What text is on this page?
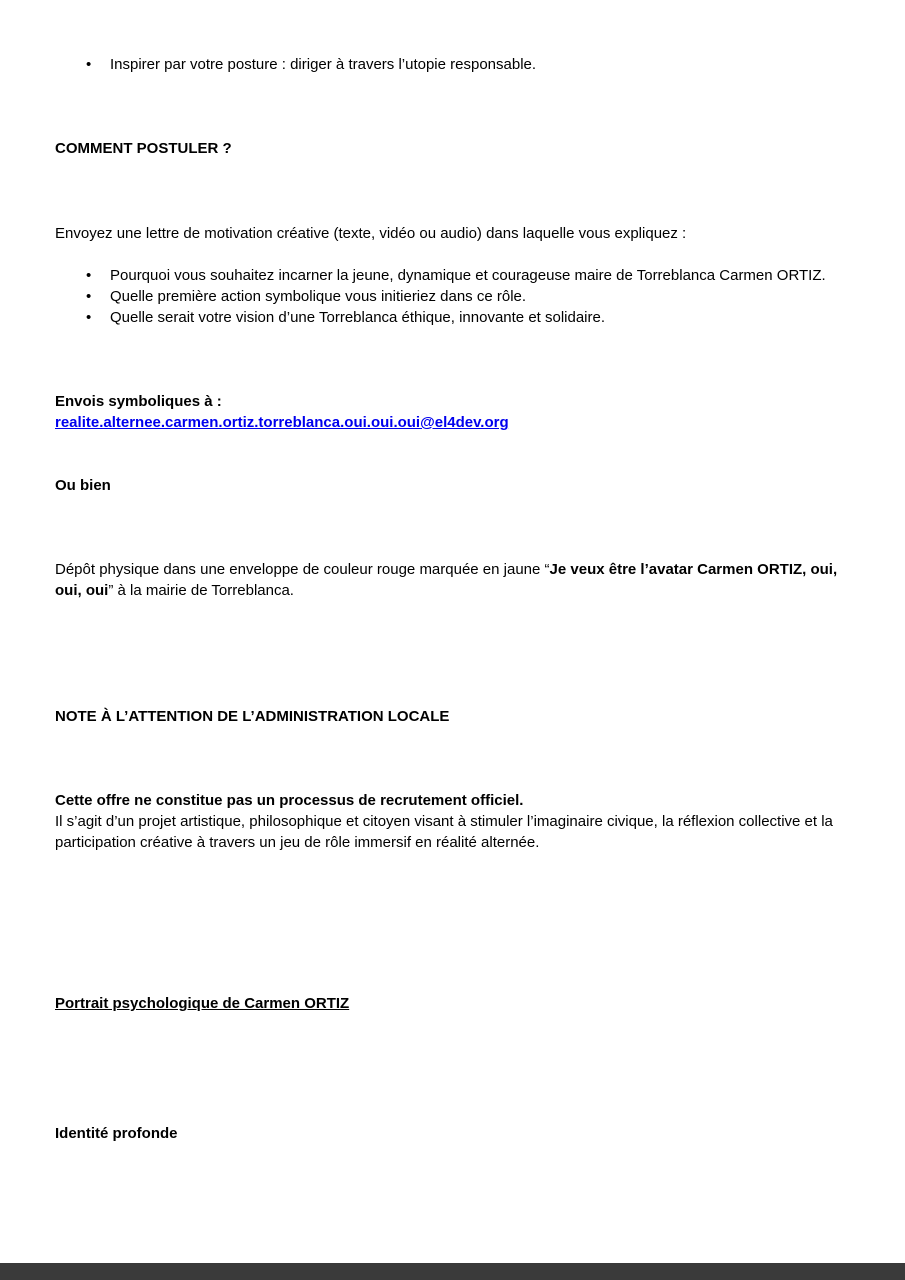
• Inspirer par votre posture : diriger à travers l’utopie responsable.

COMMENT POSTULER ?

Envoyez une lettre de motivation créative (texte, vidéo ou audio) dans laquelle vous expliquez :

• Pourquoi vous souhaitez incarner la jeune, dynamique et courageuse maire de Torreblanca Carmen ORTIZ.
• Quelle première action symbolique vous initieriez dans ce rôle.
• Quelle serait votre vision d’une Torreblanca éthique, innovante et solidaire.

Envois symboliques à :

realite.alternee.carmen.ortiz.torreblanca.oui.oui.oui@el4dev.org

Ou bien

Dépôt physique dans une enveloppe de couleur rouge marquée en jaune “Je veux être l’avatar Carmen ORTIZ, oui, oui, oui” à la mairie de Torreblanca.

NOTE À L’ATTENTION DE L’ADMINISTRATION LOCALE

Cette offre ne constitue pas un processus de recrutement officiel.

Il s’agit d’un projet artistique, philosophique et citoyen visant à stimuler l’imaginaire civique, la réflexion collective et la participation créative à travers un jeu de rôle immersif en réalité alternée.

Portrait psychologique de Carmen ORTIZ

Identité profonde
